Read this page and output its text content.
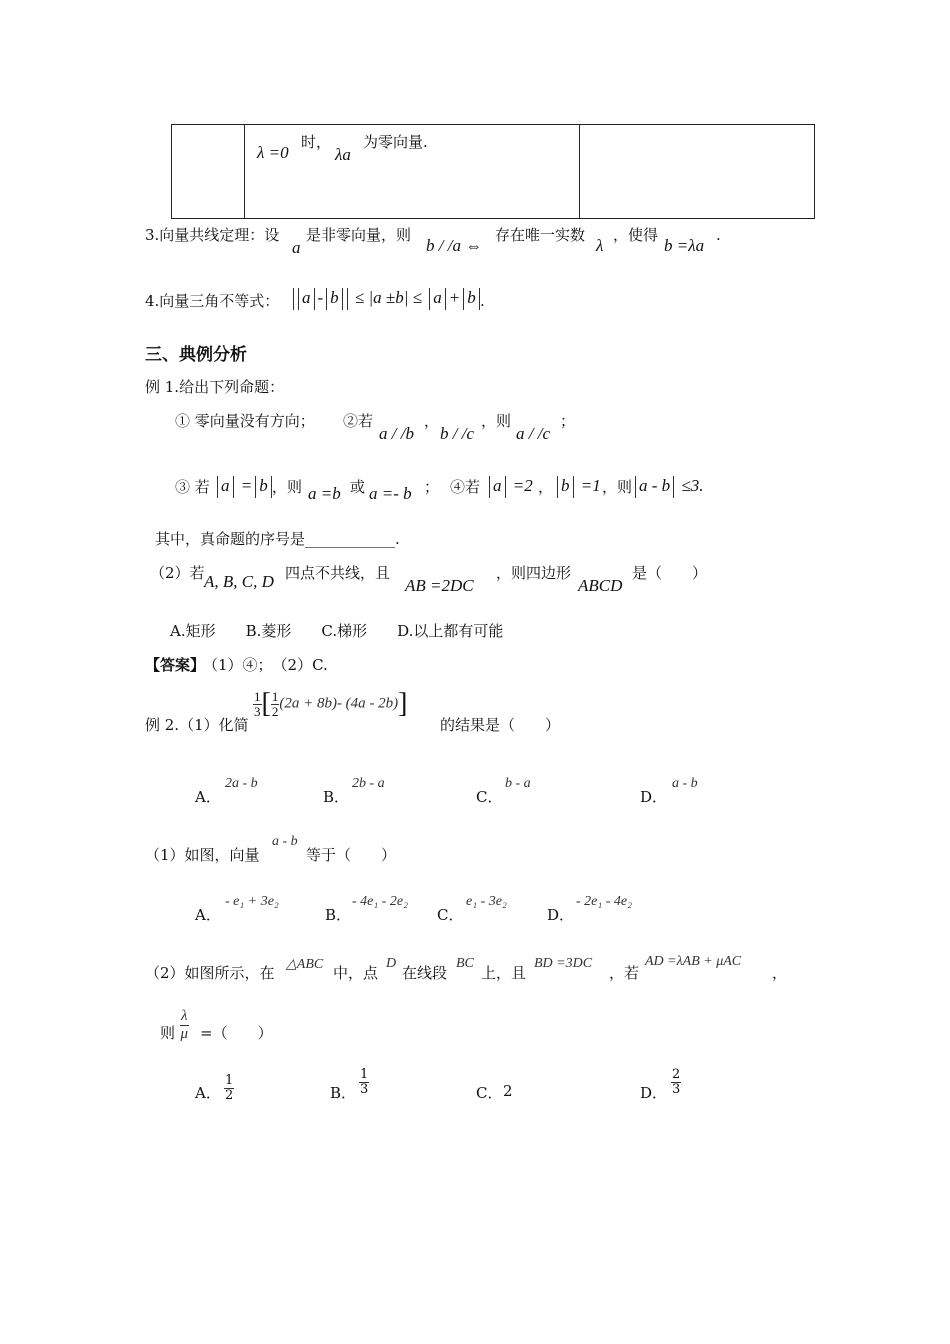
λ =0
时，
λa
为零向量.

3.向量共线定理：设
a
是非零向量，则
b / /a ⇔
存在唯一实数
λ
，使得
b =λa
.
4.向量三角不等式：	a - b ≤ |a ±b| ≤ a + b .
三、典例分析
例 1.给出下列命题：
① 零向量没有方向； ②若
a / /b
，
b / /c
，则
a / /c
；
③ 若 a = b ，则 a =b 或 a =- b ； ④若 a =2 ， b =1 ，则 a - b ≤3.
其中，真命题的序号是____________.
（2）若 A, B, C, D 四点不共线，且
AB =2DC
，则四边形
ABCD
是（　　）
A.矩形　　B.菱形　　C.梯形　　D.以上都有可能
【答案】
（1）④；　（2）C.
例 2.（1）化简
$\frac{1}{3}$ [ $\frac{1}{2} (2a + 8b)-$ (4a - 2b)]
的结果是（　　）
A．
2a - b
B．
2b - a
C．
b - a
D．
a - b
（1）如图，向量
a - b
等于（　　）
A．
- e₁ + 3e₂
B．
- 4e₁ - 2e₂
C．
e₁ - 3e₂
D．
- 2e₁ - 4e₂
（2）如图所示，在 △ABC 中，点
D
在线段
BC
上，且
BD =3DC
，若
AD =λAB + μAC
，
则 $\frac{\lambda}{\mu}$ =（　　）
A． $\frac{1}{2}$	B． $\frac{1}{3}$	C． 2	D． $\frac{2}{3}$
